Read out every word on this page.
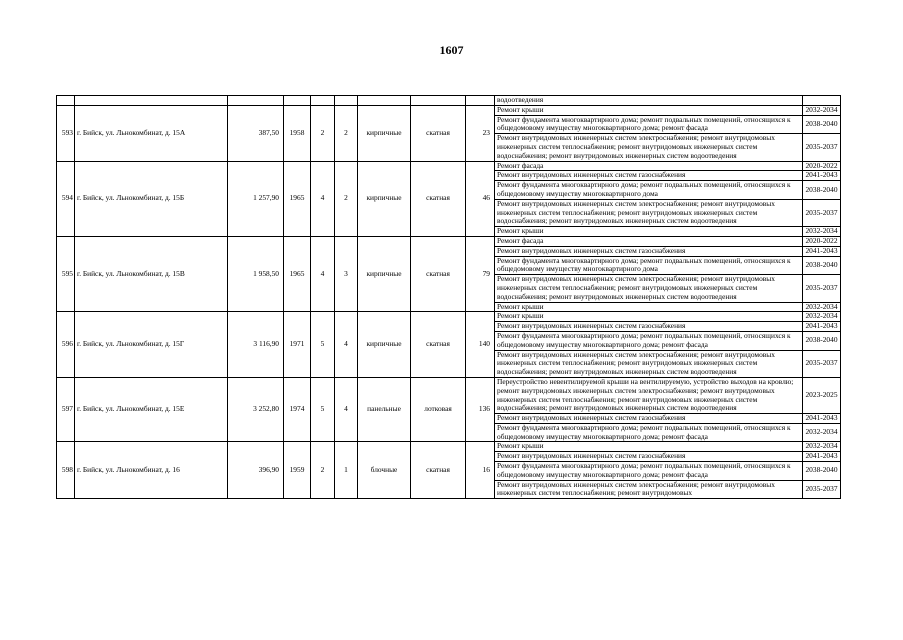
1607
									водоотведения	
593	г. Бийск, ул. Льнокомбинат, д. 15А	387,50	1958	2	2	кирпичные	скатная	23	Ремонт крыши	2032-2034
									Ремонт фундамента многоквартирного дома; ремонт подвальных помещений, относящихся к общедомовому имуществу многоквартирного дома; ремонт фасада	2038-2040
									Ремонт внутридомовых инженерных систем электроснабжения; ремонт внутридомовых инженерных систем теплоснабжения; ремонт внутридомовых инженерных систем водоснабжения; ремонт внутридомовых инженерных систем водоотведения	2035-2037
594	г. Бийск, ул. Льнокомбинат, д. 15Б	1 257,90	1965	4	2	кирпичные	скатная	46	Ремонт фасада	2020-2022
									Ремонт внутридомовых инженерных систем газоснабжения	2041-2043
									Ремонт фундамента многоквартирного дома; ремонт подвальных помещений, относящихся к общедомовому имуществу многоквартирного дома	2038-2040
									Ремонт внутридомовых инженерных систем электроснабжения; ремонт внутридомовых инженерных систем теплоснабжения; ремонт внутридомовых инженерных систем водоснабжения; ремонт внутридомовых инженерных систем водоотведения	2035-2037
									Ремонт крыши	2032-2034
595	г. Бийск, ул. Льнокомбинат, д. 15В	1 958,50	1965	4	3	кирпичные	скатная	79	Ремонт фасада	2020-2022
									Ремонт внутридомовых инженерных систем газоснабжения	2041-2043
									Ремонт фундамента многоквартирного дома; ремонт подвальных помещений, относящихся к общедомовому имуществу многоквартирного дома	2038-2040
									Ремонт внутридомовых инженерных систем электроснабжения; ремонт внутридомовых инженерных систем теплоснабжения; ремонт внутридомовых инженерных систем водоснабжения; ремонт внутридомовых инженерных систем водоотведения	2035-2037
									Ремонт крыши	2032-2034
596	г. Бийск, ул. Льнокомбинат, д. 15Г	3 116,90	1971	5	4	кирпичные	скатная	140	Ремонт крыши	2032-2034
									Ремонт внутридомовых инженерных систем газоснабжения	2041-2043
									Ремонт фундамента многоквартирного дома; ремонт подвальных помещений, относящихся к общедомовому имуществу многоквартирного дома; ремонт фасада	2038-2040
									Ремонт внутридомовых инженерных систем электроснабжения; ремонт внутридомовых инженерных систем теплоснабжения; ремонт внутридомовых инженерных систем водоснабжения; ремонт внутридомовых инженерных систем водоотведения	2035-2037
597	г. Бийск, ул. Льнокомбинат, д. 15Е	3 252,80	1974	5	4	панельные	лотковая	136	Переустройство невентилируемой крыши на вентилируемую, устройство выходов на кровлю; ремонт внутридомовых инженерных систем электроснабжения; ремонт внутридомовых инженерных систем теплоснабжения; ремонт внутридомовых инженерных систем водоснабжения; ремонт внутридомовых инженерных систем водоотведения	2023-2025
									Ремонт внутридомовых инженерных систем газоснабжения	2041-2043
									Ремонт фундамента многоквартирного дома; ремонт подвальных помещений, относящихся к общедомовому имуществу многоквартирного дома; ремонт фасада	2032-2034
598	г. Бийск, ул. Льнокомбинат, д. 16	396,90	1959	2	1	блочные	скатная	16	Ремонт крыши	2032-2034
									Ремонт внутридомовых инженерных систем газоснабжения	2041-2043
									Ремонт фундамента многоквартирного дома; ремонт подвальных помещений, относящихся к общедомовому имуществу многоквартирного дома; ремонт фасада	2038-2040
									Ремонт внутридомовых инженерных систем электроснабжения; ремонт внутридомовых инженерных систем теплоснабжения; ремонт внутридомовых	2035-2037
